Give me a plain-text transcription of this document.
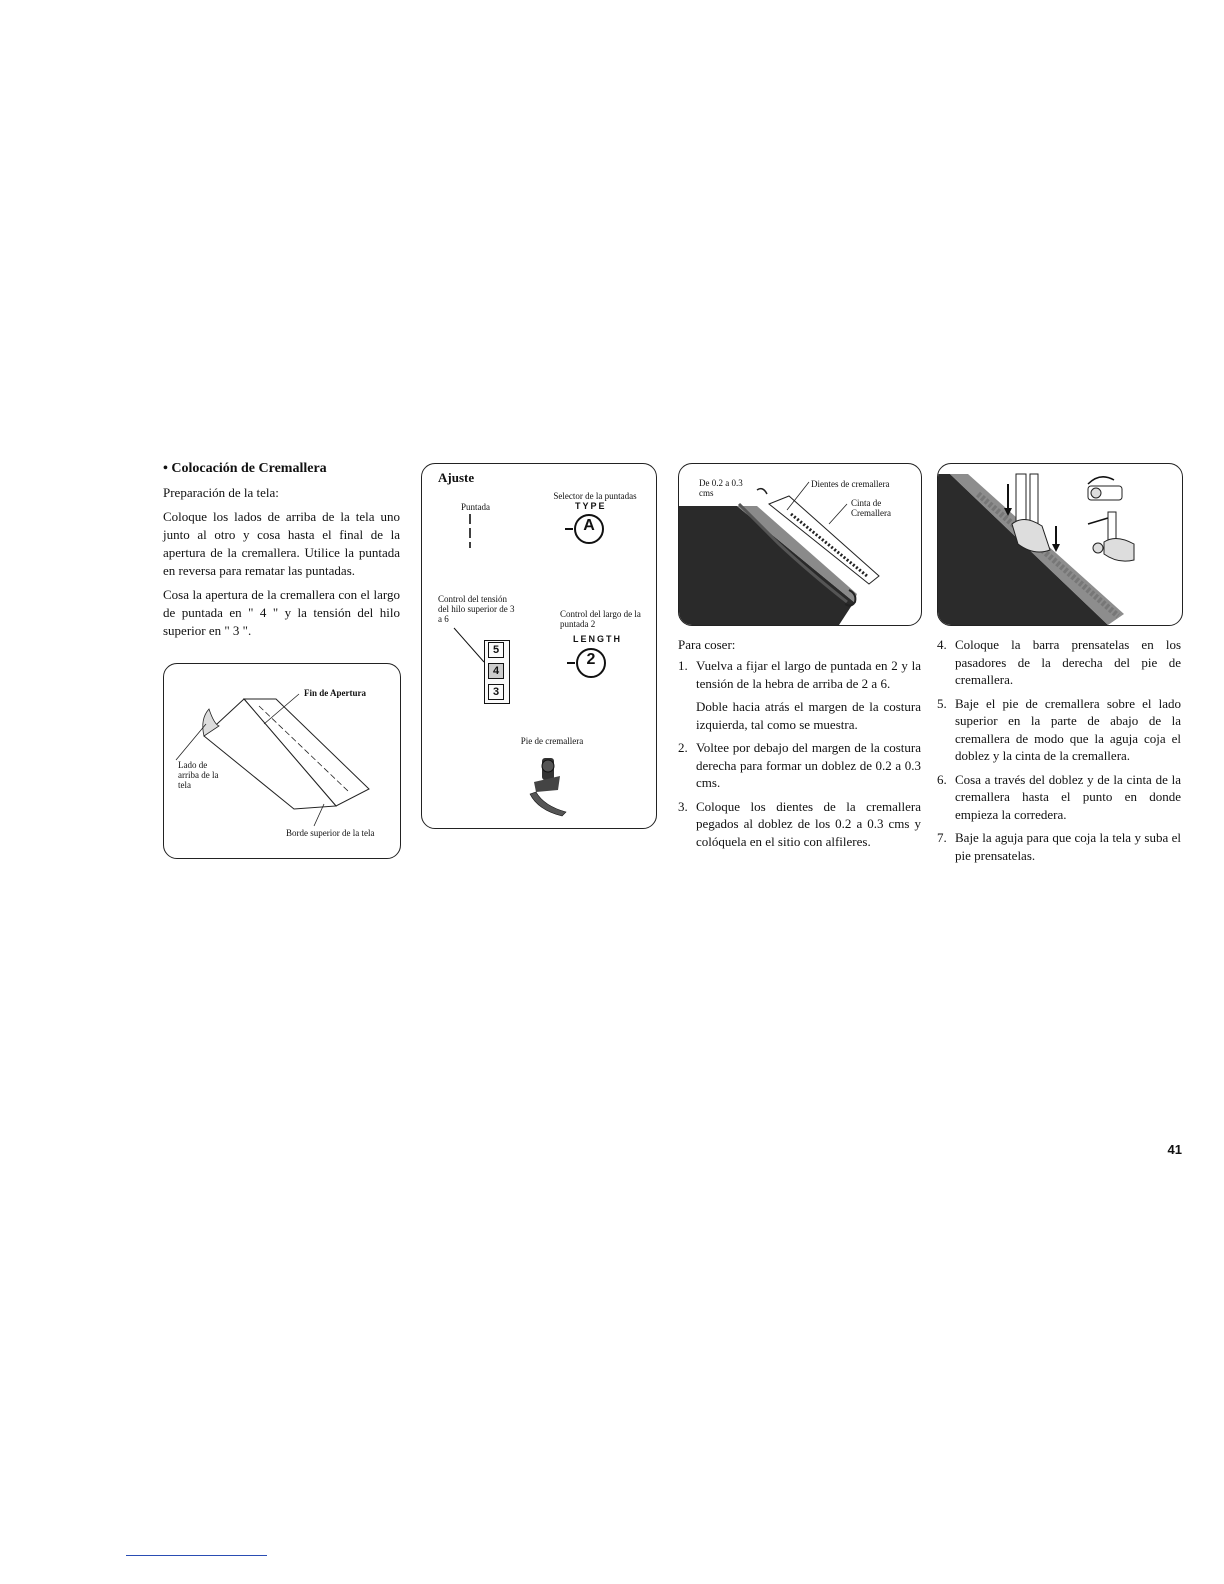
• Colocación de Cremallera

Preparación de la tela:

Coloque los lados de arriba de la tela uno junto al otro y cosa hasta el final de la apertura de la cremallera. Utilice la puntada en reversa para rematar las puntadas.

Cosa la apertura de la cremallera con el largo de puntada en " 4 " y la tensión del hilo superior en " 3 ".

Fin de Apertura
Lado de arriba de la tela
Borde superior de la tela
Ajuste
Puntada
Selector de la puntadas
TYPE
A
Control del tensión del hilo superior de 3 a 6
5
4
3
Control del largo de la puntada 2
LENGTH
2
Pie de cremallera
De 0.2 a 0.3 cms
Dientes de cremallera
Cinta de Cremallera
Para coser:
1. Vuelva a fijar el largo de puntada en 2 y la tensión de la hebra de arriba de 2 a 6.
Doble hacia atrás el margen de la costura izquierda, tal como se muestra.
2. Voltee por debajo del margen de la costura derecha para formar un doblez de 0.2 a 0.3 cms.
3. Coloque los dientes de la cremallera pegados al doblez de los 0.2 a 0.3 cms y colóquela en el sitio con alfileres.
4. Coloque la barra prensatelas en los pasadores de la derecha del pie de cremallera.
5. Baje el pie de cremallera sobre el lado superior en la parte de abajo de la cremallera de modo que la aguja coja el doblez y la cinta de la cremallera.
6. Cosa a través del doblez y de la cinta de la cremallera hasta el punto en donde empieza la corredera.
7. Baje la aguja para que coja la tela y suba el pie prensatelas.
41
